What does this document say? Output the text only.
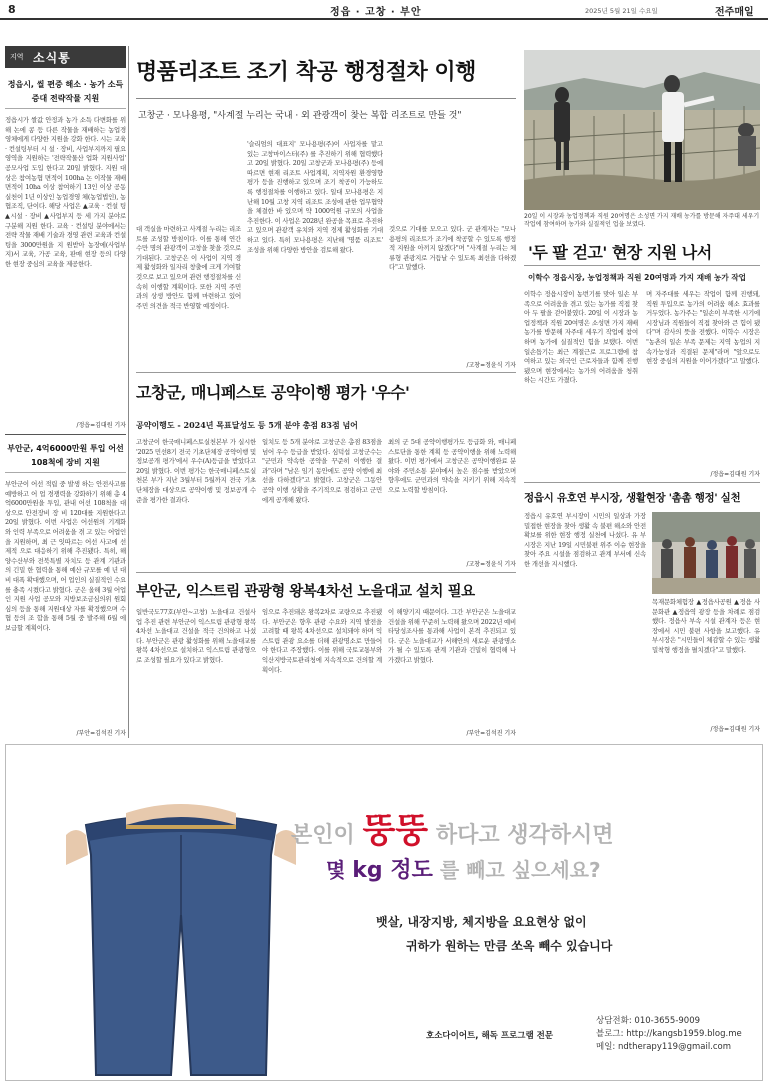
8	정읍 · 고창 · 부안	2025년 5월 21일 수요일	전주매일
지역 소식통
정읍시, 씰 편중 해소 · 농가 소득 증대 전략작물 지원
정읍시가 쌀값 안정과 농가 소득 다변화를 위해 논에 콩 등 다른 작물을 재배하는 농업경 영체에게 다양한 지원을 강화 한다. 시는 교육 · 컨설팅부터 시 설 · 장비, 사업부지까지 필요 영역을 지원하는 '전략작물산 업화 지원사업' 공모사업 도입 한다고 20일 밝혔다. 지원 대상은 참여농협 면적이 100ha 논 이작물 재배면적이 10ha 이상 참여하기 13인 이상 공동 실천이 1년 이상인 농업경영 체(농업법인), 농협조직, 단이다. 해당 사업은 ▲교육 · 컨설 팅 ▲시설 · 장비 ▲사업부지 등 세 가지 분야로 구분해 지원 한다. 교육 · 컨설팅 분야에서는 전략 작물 재배 기술과 경영 관련 교육과 컨설팅을 3000만원을 지 원받아 농장에(사업부지)서 교육, 가공 교육, 판매 현장 등의 다양 한 현장 중심의 교육을 제공한다.
/정읍=김대원 기자
부안군, 4억6000만원 투입 어선 108척에 장비 지원
부안군이 어선 적립 중 발생 하는 안전사고를 예방하고 어 업 경쟁력을 강화하기 위해 총 4억6000만원을 투입, 관내 어선 108척을 대상으로 안전장비 장 비 120대를 지원한다고 20일 밝혔다. 이번 사업은 어선원의 기계화 와 인력 부족으로 어려움을 겪 고 있는 어업인을 지원하며, 최 근 잇따르는 어선 사고에 선제적 으로 대응하기 위해 추진됐다. 특히, 해양수산부와 전북특별 자치도 등 관계 기관과의 긴밀 한 협력을 통해 예산 규모를 예 년 대비 대폭 확대했으며, 어 업인의 실질적인 수요를 충족 시켰다고 밝혔다. 군은 올해 3월 어업인 지원 사업 공모와 지방보조금심의위 원회 심의 등을 통해 지원대상 자를 확정했으며 수협 등의 조 합을 통해 5월 중 발주해 6월 에 보급할 계획이다.
/부안=김석진 기자
명품리조트 조기 착공 행정절차 이행
고창군 · 모나용평, "사계절 누리는 국내 · 외 관광객이 찾는 복합 리조트로 만들 것"
'슬리엄의 대표지' 모나용평(주)이 사업자를 맡고 있는 고창마이스터(주) 를 추진하기 위해 협력했다고 20일 밝혔다. 20일 고창군과 모나용평(주) 등에 따르면 현재 리조트 사업계획, 지역자원 환경영향평가 등을 진행하고 있으며 조기 착공이 가능하도록 행정절차를 이행하고 있다. 일대 모나용평은 지난해 10월 고창 지역 리조트 조성에 관한 업무협약을 체결한 바 있으며 약 1000억원 규모의 사업을 추진한다. 이 사업은 2028년 완공을 목표로 추진하고 있으며 관광객 유치와 지역 경제 활성화를 기대하고 있다. 특히 모나용평은 지난해 '명품 리조트' 조성을 위해 다양한 방안을 검토해 왔다.
대 객실을 마련하고 사계절 누리는 리조트를 조성할 방침이다. 이를 통해 연간 수만 명의 관광객이 고창을 찾을 것으로 기대된다. 고창군은 이 사업이 지역 경제 활성화와 일자리 창출에 크게 기여할 것으로 보고 있으며 관련 행정절차를 신속히 이행할 계획이다. 또한 지역 주민과의 상생 방안도 함께 마련하고 있어 주민 의견을 적극 반영할 예정이다.
것으로 기대를 모으고 있다. 군 관계자는 "모나용평의 리조트가 조기에 착공할 수 있도록 행정적 지원을 아끼지 않겠다"며 "사계절 누리는 체류형 관광지로 거듭날 수 있도록 최선을 다하겠다"고 말했다.
/고창=정윤식 기자
20일 이 시장과 농업정책과 직원 20여명은 소성면 가지 재배 농가를 방문해 자주대 세우기 작업에 참여하며 농가와 실질적인 업을 보였다.
'두 팔 걷고' 현장 지원 나서
이학수 정읍시장, 농업정책과 직원 20여명과 가지 재배 농가 작업
이학수 정읍시장이 농번기를 맞아 일손 부족으로 어려움을 겪고 있는 농가를 직접 찾아 두 팔을 걷어붙였다. 20일 이 시장과 농업정책과 직원 20여명은 소성면 가지 재배 농가를 방문해 자주대 세우기 작업에 참여하며 농가에 실질적인 힘을 보탰다. 이번 일손돕기는 최근 계절근로 프로그램에 참여하고 있는 외국인 근로자들과 함께 진행됐으며 현장에서는 농가의 어려움을 청취하는 시간도 가졌다.
며 자주대를 세우는 작업이 함께 진행돼, 직원 투입으로 농가의 어려움 해소 효과를 거두었다. 농가주는 "일손이 부족한 시기에 시장님과 직원들이 직접 찾아와 큰 힘이 됐다"며 감사의 뜻을 전했다. 이학수 시장은 "농촌의 일손 부족 문제는 지역 농업의 지속가능성과 직결된 문제"라며 "앞으로도 현장 중심의 지원을 이어가겠다"고 말했다.
/정읍=김대원 기자
고창군, 매니페스토 공약이행 평가 '우수'
공약이행도 - 2024년 목표달성도 등 5개 분야 총점 83점 넘어
고창군이 한국매니페스토실천본부 가 실시한 '2025 민선8기 전국 기초단체장 공약이행 및 정보공개 평가'에서 우수(A)등급을 받았다고 20일 밝혔다. 이번 평가는 한국매니페스토실천본 부가 지난 3월부터 5월까지 전국 기초단체장을 대상으로 공약이행 및 정보공개 수준을 평가한 결과다.
일치도 등 5개 분야로 고창군은 총점 83점을 넘어 우수 등급을 받았다. 심덕섭 고창군수는 "군민과 약속한 공약을 꾸준히 이행한 결과"라며 "남은 임기 동안에도 공약 이행에 최선을 다하겠다"고 밝혔다. 고창군은 그동안 공약 이행 상황을 주기적으로 점검하고 군민에게 공개해 왔다.
최의 군 5대 공약이행평가도 등급화 와, 매니페스토단을 통한 계획 등 공약이행을 위해 노력해 왔다. 이번 평가에서 고창군은 공약이행완료 분야와 주민소통 분야에서 높은 점수를 받았으며 향후에도 군민과의 약속을 지키기 위해 지속적으로 노력할 방침이다.
/고창=정윤식 기자
정읍시 유호연 부시장, 생활현장 '촘촘 행정' 실천
정읍시 유호연 부시장이 시민의 일상과 가장 밀접한 현장을 찾아 생활 속 불편 해소와 안전 확보를 위한 현장 행정 실천에 나섰다. 유 부시장은 지난 19일 시민불편 위주 이슈 현장을 찾아 주요 시설을 점검하고 관계 부서에 신속한 개선을 지시했다.
목재문화체험장 ▲정읍사공원 ▲정읍 사 문화관 ▲정읍역 광장 등을 차례로 점검했다. 정읍사 부속 시설 관계자 등은 현장에서 시민 불편 사항을 보고했다. 유 부시장은 "시민들이 체감할 수 있는 생활 밀착형 행정을 펼치겠다"고 말했다.
/정읍=김대원 기자
부안군, 익스트림 관광형 왕복4차선 노을대교 설치 필요
일반국도77호(부안~고창) 노을대교 건설사업 추진 관련 부안군이 익스트림 관광형 왕복 4차선 노을대교 건설을 적극 건의하고 나섰다. 부안군은 관광 활성화를 위해 노을대교를 왕복 4차선으로 설치하고 익스트림 관광형으로 조성할 필요가 있다고 밝혔다.
임으로 추진돼온 왕복2차로 교량으로 추진됐다. 부안군은 향후 관광 수요와 지역 발전을 고려할 때 왕복 4차선으로 설치돼야 하며 익스트림 관광 요소를 더해 관광명소로 만들어야 한다고 주장했다. 이를 위해 국토교통부와 익산지방국토관리청에 지속적으로 건의할 계획이다.
이 해양기지 때문이다. 그간 부안군은 노을대교 건설을 위해 꾸준히 노력해 왔으며 2022년 예비타당성조사를 통과해 사업이 본격 추진되고 있다. 군은 노을대교가 서해안의 새로운 관광명소가 될 수 있도록 관계 기관과 긴밀히 협력해 나가겠다고 밝혔다.
/부안=김석진 기자
본인이 뚱뚱 하다고 생각하시면
몇 kg 정도 를 빼고 싶으세요?
뱃살, 내장지방, 체지방을 요요현상 없이
귀하가 원하는 만큼 쏘옥 빼수 있습니다
호소다이어트, 해독 프로그램 전문
상담전화: 010-3655-9009
블로그: http://kangsb1959.blog.me
메일: ndtherapy119@gmail.com
